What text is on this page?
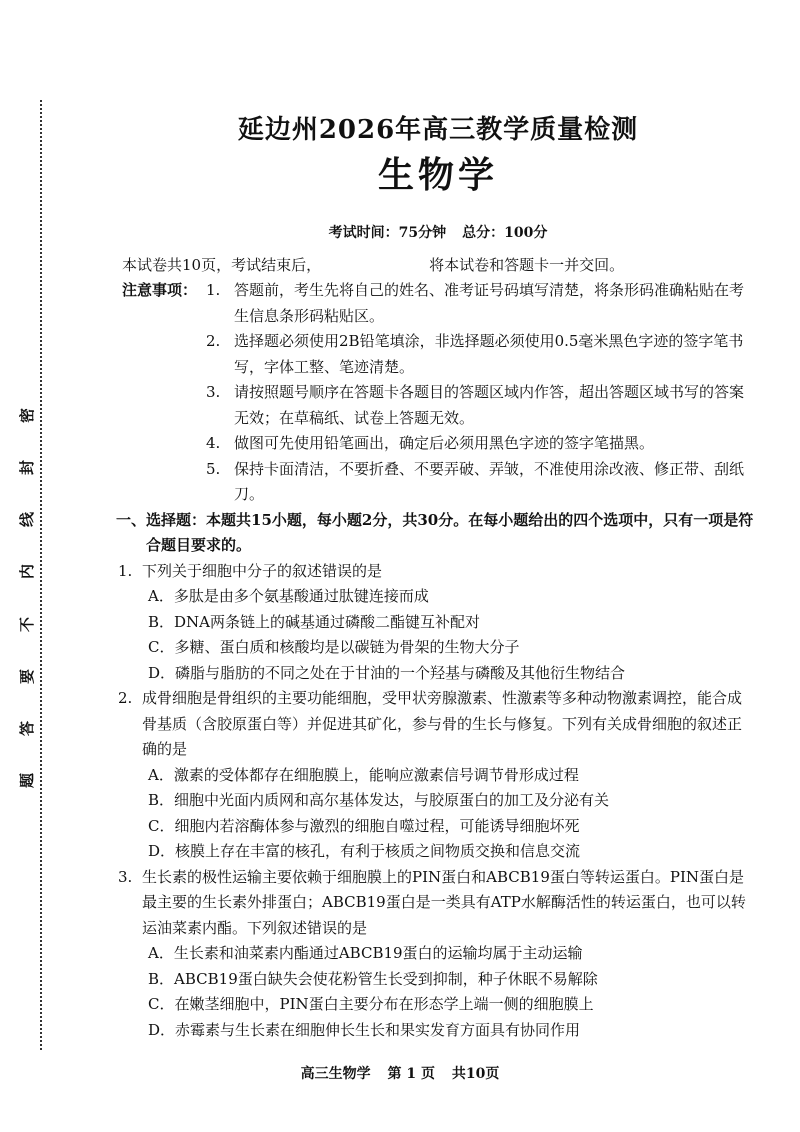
密
封
线
内
不
要
答
题
延边州2026年高三教学质量检测
生物学
考试时间：75分钟 总分：100分

本试卷共10页，考试结束后，	将本试卷和答题卡一并交回。

注意事项： 1. 答题前，考生先将自己的姓名、准考证号码填写清楚，将条形码准确粘贴在考生信息条形码粘贴区。
2. 选择题必须使用2B铅笔填涂，非选择题必须使用0.5毫米黑色字迹的签字笔书写，字体工整、笔迹清楚。
3. 请按照题号顺序在答题卡各题目的答题区域内作答，超出答题区域书写的答案无效；在草稿纸、试卷上答题无效。
4. 做图可先使用铅笔画出，确定后必须用黑色字迹的签字笔描黑。
5. 保持卡面清洁，不要折叠、不要弄破、弄皱，不准使用涂改液、修正带、刮纸刀。
一、 选择题：本题共15小题，每小题2分，共30分。在每小题给出的四个选项中，只有一项是符合题目要求的。
1. 下列关于细胞中分子的叙述错误的是
A．多肽是由多个氨基酸通过肽键连接而成
B．DNA两条链上的碱基通过磷酸二酯键互补配对
C．多糖、蛋白质和核酸均是以碳链为骨架的生物大分子
D．磷脂与脂肪的不同之处在于甘油的一个羟基与磷酸及其他衍生物结合
2. 成骨细胞是骨组织的主要功能细胞，受甲状旁腺激素、性激素等多种动物激素调控，能合成骨基质（含胶原蛋白等）并促进其矿化，参与骨的生长与修复。下列有关成骨细胞的叙述正确的是
A．激素的受体都存在细胞膜上，能响应激素信号调节骨形成过程
B．细胞中光面内质网和高尔基体发达，与胶原蛋白的加工及分泌有关
C．细胞内若溶酶体参与激烈的细胞自噬过程，可能诱导细胞坏死
D．核膜上存在丰富的核孔，有利于核质之间物质交换和信息交流
3. 生长素的极性运输主要依赖于细胞膜上的PIN蛋白和ABCB19蛋白等转运蛋白。PIN蛋白是最主要的生长素外排蛋白；ABCB19蛋白是一类具有ATP水解酶活性的转运蛋白，也可以转运油菜素内酯。下列叙述错误的是
A．生长素和油菜素内酯通过ABCB19蛋白的运输均属于主动运输
B．ABCB19蛋白缺失会使花粉管生长受到抑制，种子休眠不易解除
C．在嫩茎细胞中，PIN蛋白主要分布在形态学上端一侧的细胞膜上
D．赤霉素与生长素在细胞伸长生长和果实发育方面具有协同作用
高三生物学 第 1 页 共10页
